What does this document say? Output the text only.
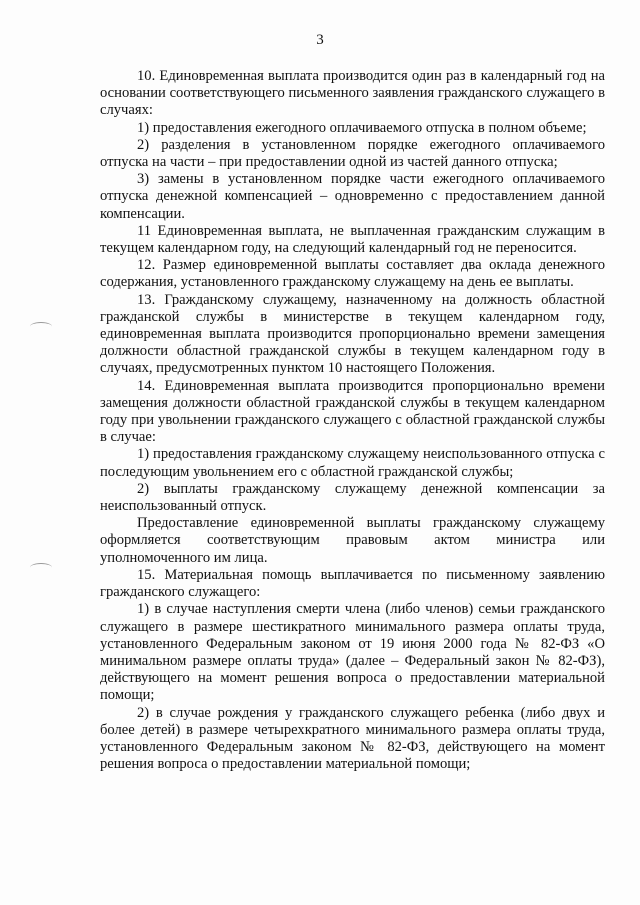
3

10. Единовременная выплата производится один раз в календарный год на основании соответствующего письменного заявления гражданского служащего в случаях:

1) предоставления ежегодного оплачиваемого отпуска в полном объеме;

2) разделения в установленном порядке ежегодного оплачиваемого отпуска на части – при предоставлении одной из частей данного отпуска;

3) замены в установленном порядке части ежегодного оплачиваемого отпуска денежной компенсацией – одновременно с предоставлением данной компенсации.

11 Единовременная выплата, не выплаченная гражданским служащим в текущем календарном году, на следующий календарный год не переносится.

12. Размер единовременной выплаты составляет два оклада денежного содержания, установленного гражданскому служащему на день ее выплаты.

13. Гражданскому служащему, назначенному на должность областной гражданской службы в министерстве в текущем календарном году, единовременная выплата производится пропорционально времени замещения должности областной гражданской службы в текущем календарном году в случаях, предусмотренных пунктом 10 настоящего Положения.

14. Единовременная выплата производится пропорционально времени замещения должности областной гражданской службы в текущем календарном году при увольнении гражданского служащего с областной гражданской службы в случае:

1) предоставления гражданскому служащему неиспользованного отпуска с последующим увольнением его с областной гражданской службы;

2) выплаты гражданскому служащему денежной компенсации за неиспользованный отпуск.

Предоставление единовременной выплаты гражданскому служащему оформляется соответствующим правовым актом министра или уполномоченного им лица.

15. Материальная помощь выплачивается по письменному заявлению гражданского служащего:

1) в случае наступления смерти члена (либо членов) семьи гражданского служащего в размере шестикратного минимального размера оплаты труда, установленного Федеральным законом от 19 июня 2000 года № 82-ФЗ «О минимальном размере оплаты труда» (далее – Федеральный закон № 82-ФЗ), действующего на момент решения вопроса о предоставлении материальной помощи;

2) в случае рождения у гражданского служащего ребенка (либо двух и более детей) в размере четырехкратного минимального размера оплаты труда, установленного Федеральным законом № 82-ФЗ, действующего на момент решения вопроса о предоставлении материальной помощи;
